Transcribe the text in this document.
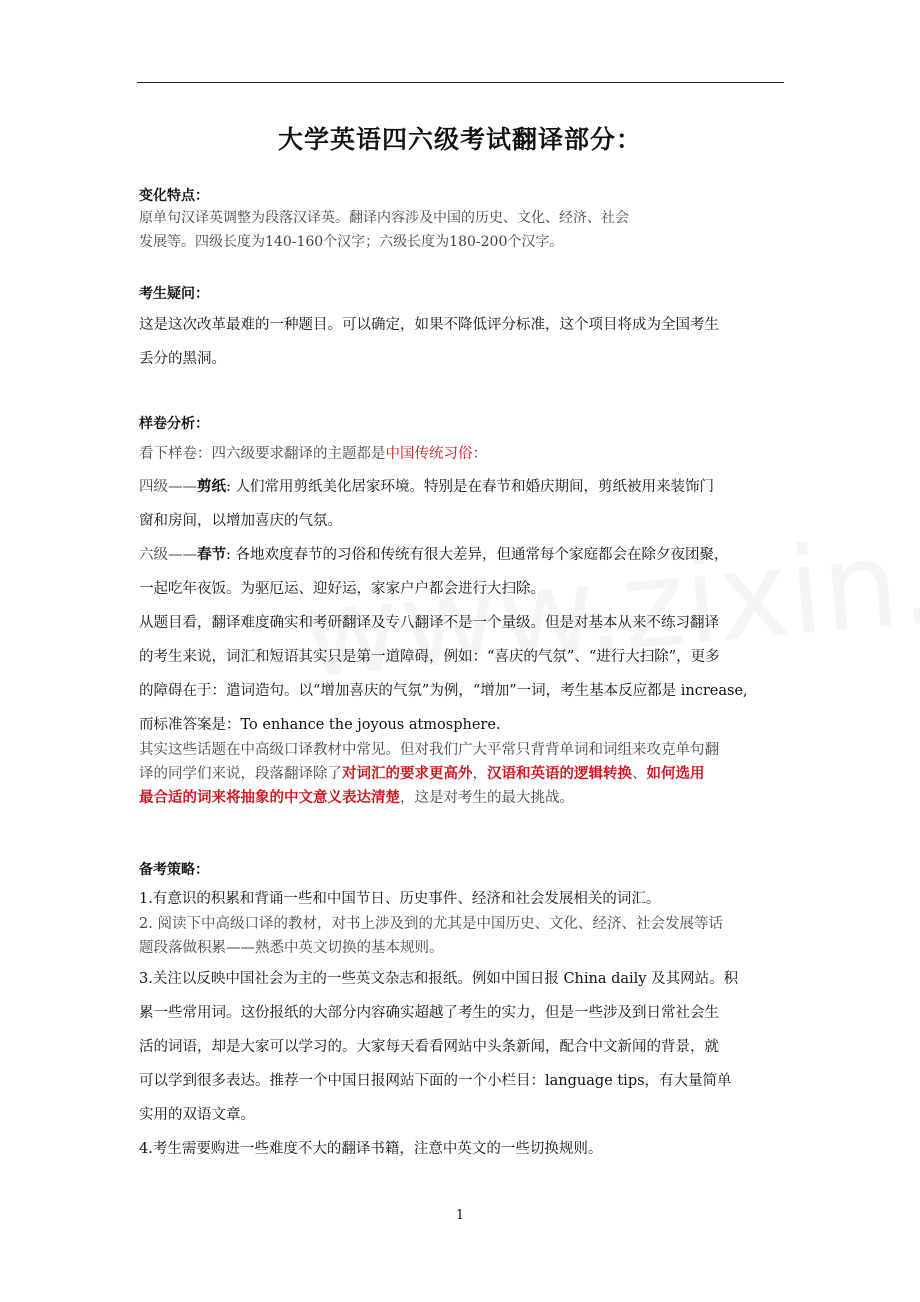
大学英语四六级考试翻译部分：
变化特点：
原单句汉译英调整为段落汉译英。翻译内容涉及中国的历史、文化、经济、社会
发展等。四级长度为140-160个汉字；六级长度为180-200个汉字。
考生疑问：
这是这次改革最难的一种题目。可以确定，如果不降低评分标准，这个项目将成为全国考生
丢分的黑洞。
样卷分析：
看下样卷：四六级要求翻译的主题都是中国传统习俗：
四级——剪纸: 人们常用剪纸美化居家环境。特别是在春节和婚庆期间，剪纸被用来装饰门
窗和房间，以增加喜庆的气氛。
六级——春节: 各地欢度春节的习俗和传统有很大差异，但通常每个家庭都会在除夕夜团聚，
一起吃年夜饭。为驱厄运、迎好运，家家户户都会进行大扫除。
从题目看，翻译难度确实和考研翻译及专八翻译不是一个量级。但是对基本从来不练习翻译
的考生来说，词汇和短语其实只是第一道障碍，例如：“喜庆的气氛”、“进行大扫除”，更多
的障碍在于：遣词造句。以“增加喜庆的气氛”为例，“增加”一词，考生基本反应都是 increase,
而标准答案是：To enhance the joyous atmosphere.
其实这些话题在中高级口译教材中常见。但对我们广大平常只背背单词和词组来攻克单句翻
译的同学们来说，段落翻译除了对词汇的要求更高外，汉语和英语的逻辑转换、如何选用
最合适的词来将抽象的中文意义表达清楚，这是对考生的最大挑战。
备考策略：
1.有意识的积累和背诵一些和中国节日、历史事件、经济和社会发展相关的词汇。
2. 阅读下中高级口译的教材，对书上涉及到的尤其是中国历史、文化、经济、社会发展等话
题段落做积累——熟悉中英文切换的基本规则。
3.关注以反映中国社会为主的一些英文杂志和报纸。例如中国日报 China daily 及其网站。积
累一些常用词。这份报纸的大部分内容确实超越了考生的实力，但是一些涉及到日常社会生
活的词语，却是大家可以学习的。大家每天看看网站中头条新闻，配合中文新闻的背景，就
可以学到很多表达。推荐一个中国日报网站下面的一个小栏目：language tips，有大量简单
实用的双语文章。
4.考生需要购进一些难度不大的翻译书籍，注意中英文的一些切换规则。
1
